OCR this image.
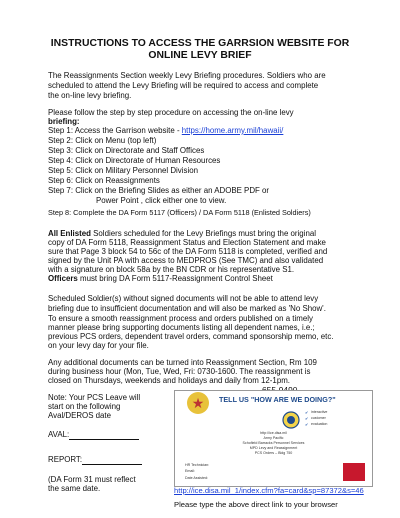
INSTRUCTIONS TO ACCESS THE GARRSION WEBSITE FOR
ONLINE LEVY BRIEF
The Reassignments Section weekly Levy Briefing procedures. Soldiers who are
scheduled to attend the Levy Briefing will be required to access and complete
the on-line levy briefing.
Please follow the step by step procedure on accessing the on-line levy
briefing:
Step 1: Access the Garrison website - https://home.army.mil/hawaii/
Step 2: Click on Menu (top left)
Step 3: Click on Directorate and Staff Offices
Step 4: Click on Directorate of Human Resources
Step 5: Click on Military Personnel Division
Step 6: Click on Reassignments
Step 7: Click on the Briefing Slides as either an ADOBE PDF or
Power Point , click either one to view.
Step 8: Complete the DA Form 5117 (Officers) / DA Form 5118 (Enlisted Soldiers)
All Enlisted Soldiers scheduled for the Levy Briefings must bring the original
copy of DA Form 5118, Reassignment Status and Election Statement and make
sure that Page 3 block 54 to 56c of the DA Form 5118 is completed, verified and
signed by the Unit PA with access to MEDPROS (See TMC) and also validated
with a signature on block 58a by the BN CDR or his representative S1.
Officers must bring DA Form 5117-Reassignment Control Sheet
Scheduled Soldier(s) without signed documents will not be able to attend levy
briefing due to insufficient documentation and will also be marked as 'No Show'.
To ensure a smooth reassignment process and orders published on a timely
manner please bring supporting documents listing all dependent names, i.e.;
previous PCS orders, dependent travel orders, command sponsorship memo, etc.
on your levy day for your file.
Any additional documents can be turned into Reassignment Section, Rm 109
during business hour (Mon, Tue, Wed, Fri: 0730-1600. The reassignment is
closed on Thursdays, weekends and holidays and daily from 12-1pm.
Note: Your PCS Leave will
start on the following
Aval/DEROS date
AVAL:
REPORT:
(DA Form 31 must reflect
the same date.
★	TELL US "HOW ARE WE DOING?"
✔ interactive
✔ customer
✔ evaluation
http://ice.disa.mil
Army Pacific
Schofield Barracks Personnel Services
MPD Levy and Reassignment
PCS Orders – Bldg 750
HR Technician:
Email:
Date Assisted:
http://ice.disa.mil_1/index.cfm?fa=card&sp=87372&s=46
Please type the above direct link to your browser
